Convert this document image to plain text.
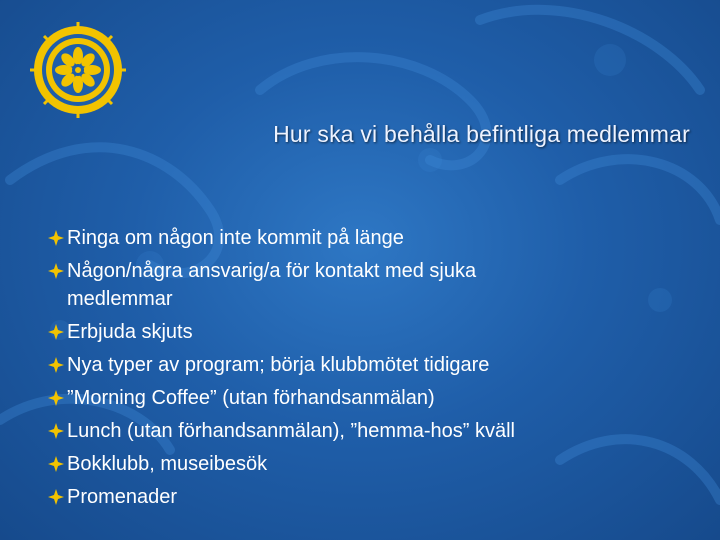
Hur ska vi behålla befintliga medlemmar
Ringa om någon inte kommit på länge
Någon/några ansvarig/a för kontakt med sjuka medlemmar
Erbjuda skjuts
Nya typer av program; börja klubbmötet tidigare
”Morning Coffee” (utan förhandsanmälan)
Lunch (utan förhandsanmälan), ”hemma-hos” kväll
Bokklubb, museibesök
Promenader
